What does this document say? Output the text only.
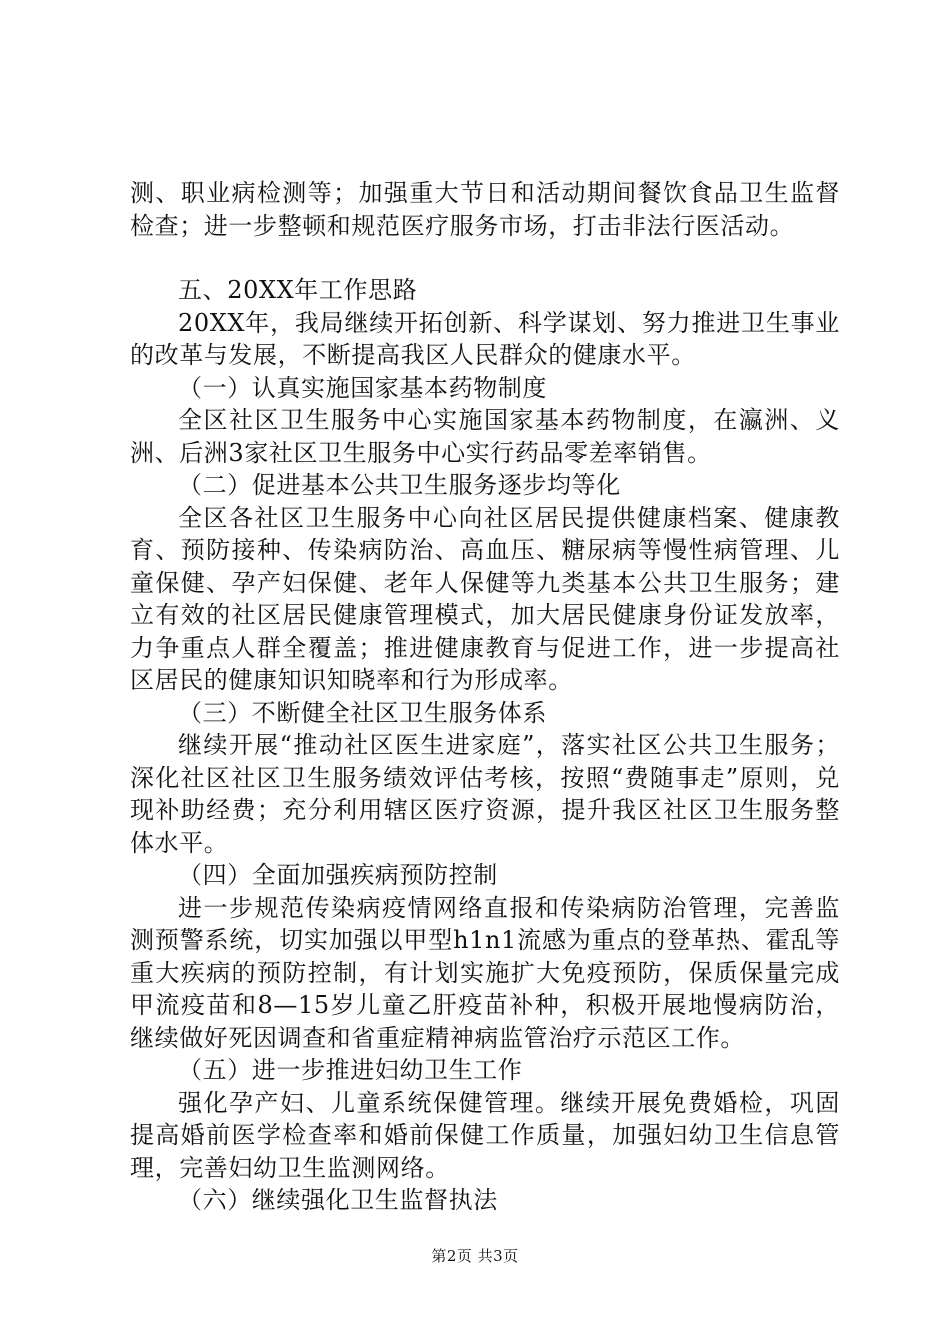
测、职业病检测等；加强重大节日和活动期间餐饮食品卫生监督检查；进一步整顿和规范医疗服务市场，打击非法行医活动。

五、20XX年工作思路

20XX年，我局继续开拓创新、科学谋划、努力推进卫生事业的改革与发展，不断提高我区人民群众的健康水平。

（一）认真实施国家基本药物制度

全区社区卫生服务中心实施国家基本药物制度，在瀛洲、义洲、后洲3家社区卫生服务中心实行药品零差率销售。

（二）促进基本公共卫生服务逐步均等化

全区各社区卫生服务中心向社区居民提供健康档案、健康教育、预防接种、传染病防治、高血压、糖尿病等慢性病管理、儿童保健、孕产妇保健、老年人保健等九类基本公共卫生服务；建立有效的社区居民健康管理模式，加大居民健康身份证发放率，力争重点人群全覆盖；推进健康教育与促进工作，进一步提高社区居民的健康知识知晓率和行为形成率。

（三）不断健全社区卫生服务体系

继续开展“推动社区医生进家庭”，落实社区公共卫生服务；深化社区社区卫生服务绩效评估考核，按照“费随事走”原则，兑现补助经费；充分利用辖区医疗资源，提升我区社区卫生服务整体水平。

（四）全面加强疾病预防控制

进一步规范传染病疫情网络直报和传染病防治管理，完善监测预警系统，切实加强以甲型h1n1流感为重点的登革热、霍乱等重大疾病的预防控制，有计划实施扩大免疫预防，保质保量完成甲流疫苗和8—15岁儿童乙肝疫苗补种，积极开展地慢病防治，继续做好死因调查和省重症精神病监管治疗示范区工作。

（五）进一步推进妇幼卫生工作

强化孕产妇、儿童系统保健管理。继续开展免费婚检，巩固提高婚前医学检查率和婚前保健工作质量，加强妇幼卫生信息管理，完善妇幼卫生监测网络。

（六）继续强化卫生监督执法

第2页 共3页
